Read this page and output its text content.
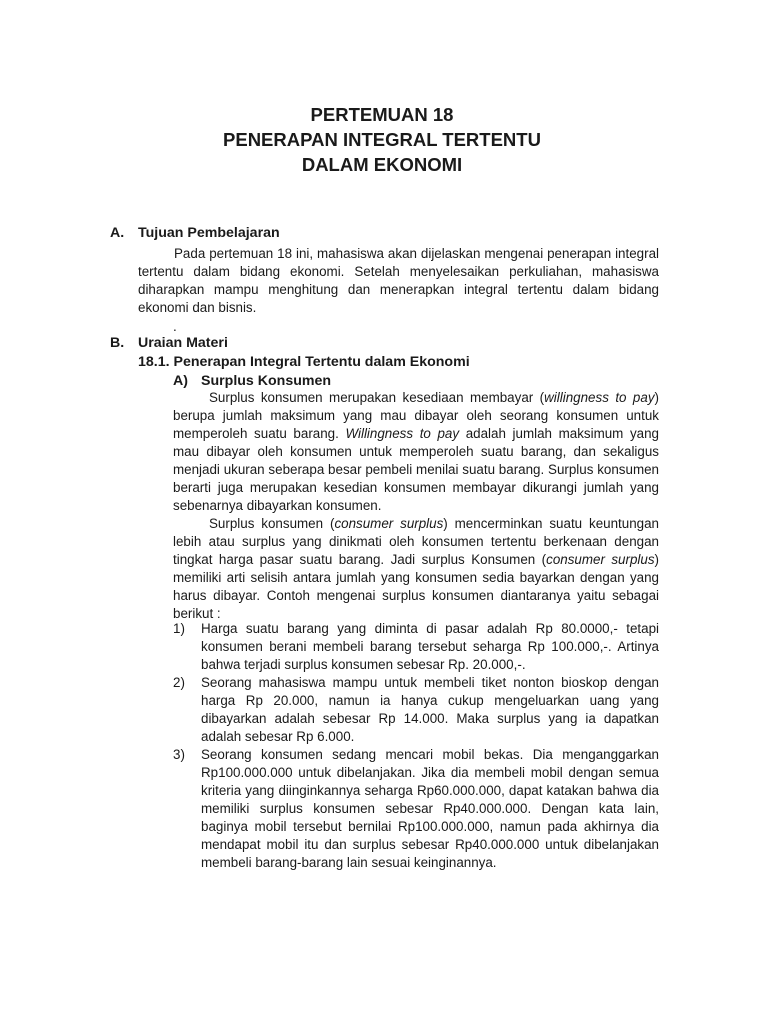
PERTEMUAN 18
PENERAPAN INTEGRAL TERTENTU
DALAM EKONOMI
A. Tujuan Pembelajaran
Pada pertemuan 18 ini, mahasiswa akan dijelaskan mengenai penerapan integral tertentu dalam bidang ekonomi. Setelah menyelesaikan perkuliahan, mahasiswa diharapkan mampu menghitung dan menerapkan integral tertentu dalam bidang ekonomi dan bisnis.
.
B. Uraian Materi
18.1. Penerapan Integral Tertentu dalam Ekonomi
A) Surplus Konsumen
Surplus konsumen merupakan kesediaan membayar (willingness to pay) berupa jumlah maksimum yang mau dibayar oleh seorang konsumen untuk memperoleh suatu barang. Willingness to pay adalah jumlah maksimum yang mau dibayar oleh konsumen untuk memperoleh suatu barang, dan sekaligus menjadi ukuran seberapa besar pembeli menilai suatu barang. Surplus konsumen berarti juga merupakan kesedian konsumen membayar dikurangi jumlah yang sebenarnya dibayarkan konsumen.
Surplus konsumen (consumer surplus) mencerminkan suatu keuntungan lebih atau surplus yang dinikmati oleh konsumen tertentu berkenaan dengan tingkat harga pasar suatu barang. Jadi surplus Konsumen (consumer surplus) memiliki arti selisih antara jumlah yang konsumen sedia bayarkan dengan yang harus dibayar. Contoh mengenai surplus konsumen diantaranya yaitu sebagai berikut :
1) Harga suatu barang yang diminta di pasar adalah Rp 80.0000,- tetapi konsumen berani membeli barang tersebut seharga Rp 100.000,-. Artinya bahwa terjadi surplus konsumen sebesar Rp. 20.000,-.
2) Seorang mahasiswa mampu untuk membeli tiket nonton bioskop dengan harga Rp 20.000, namun ia hanya cukup mengeluarkan uang yang dibayarkan adalah sebesar Rp 14.000. Maka surplus yang ia dapatkan adalah sebesar Rp 6.000.
3) Seorang konsumen sedang mencari mobil bekas. Dia menganggarkan Rp100.000.000 untuk dibelanjakan. Jika dia membeli mobil dengan semua kriteria yang diinginkannya seharga Rp60.000.000, dapat katakan bahwa dia memiliki surplus konsumen sebesar Rp40.000.000. Dengan kata lain, baginya mobil tersebut bernilai Rp100.000.000, namun pada akhirnya dia mendapat mobil itu dan surplus sebesar Rp40.000.000 untuk dibelanjakan membeli barang-barang lain sesuai keinginannya.
